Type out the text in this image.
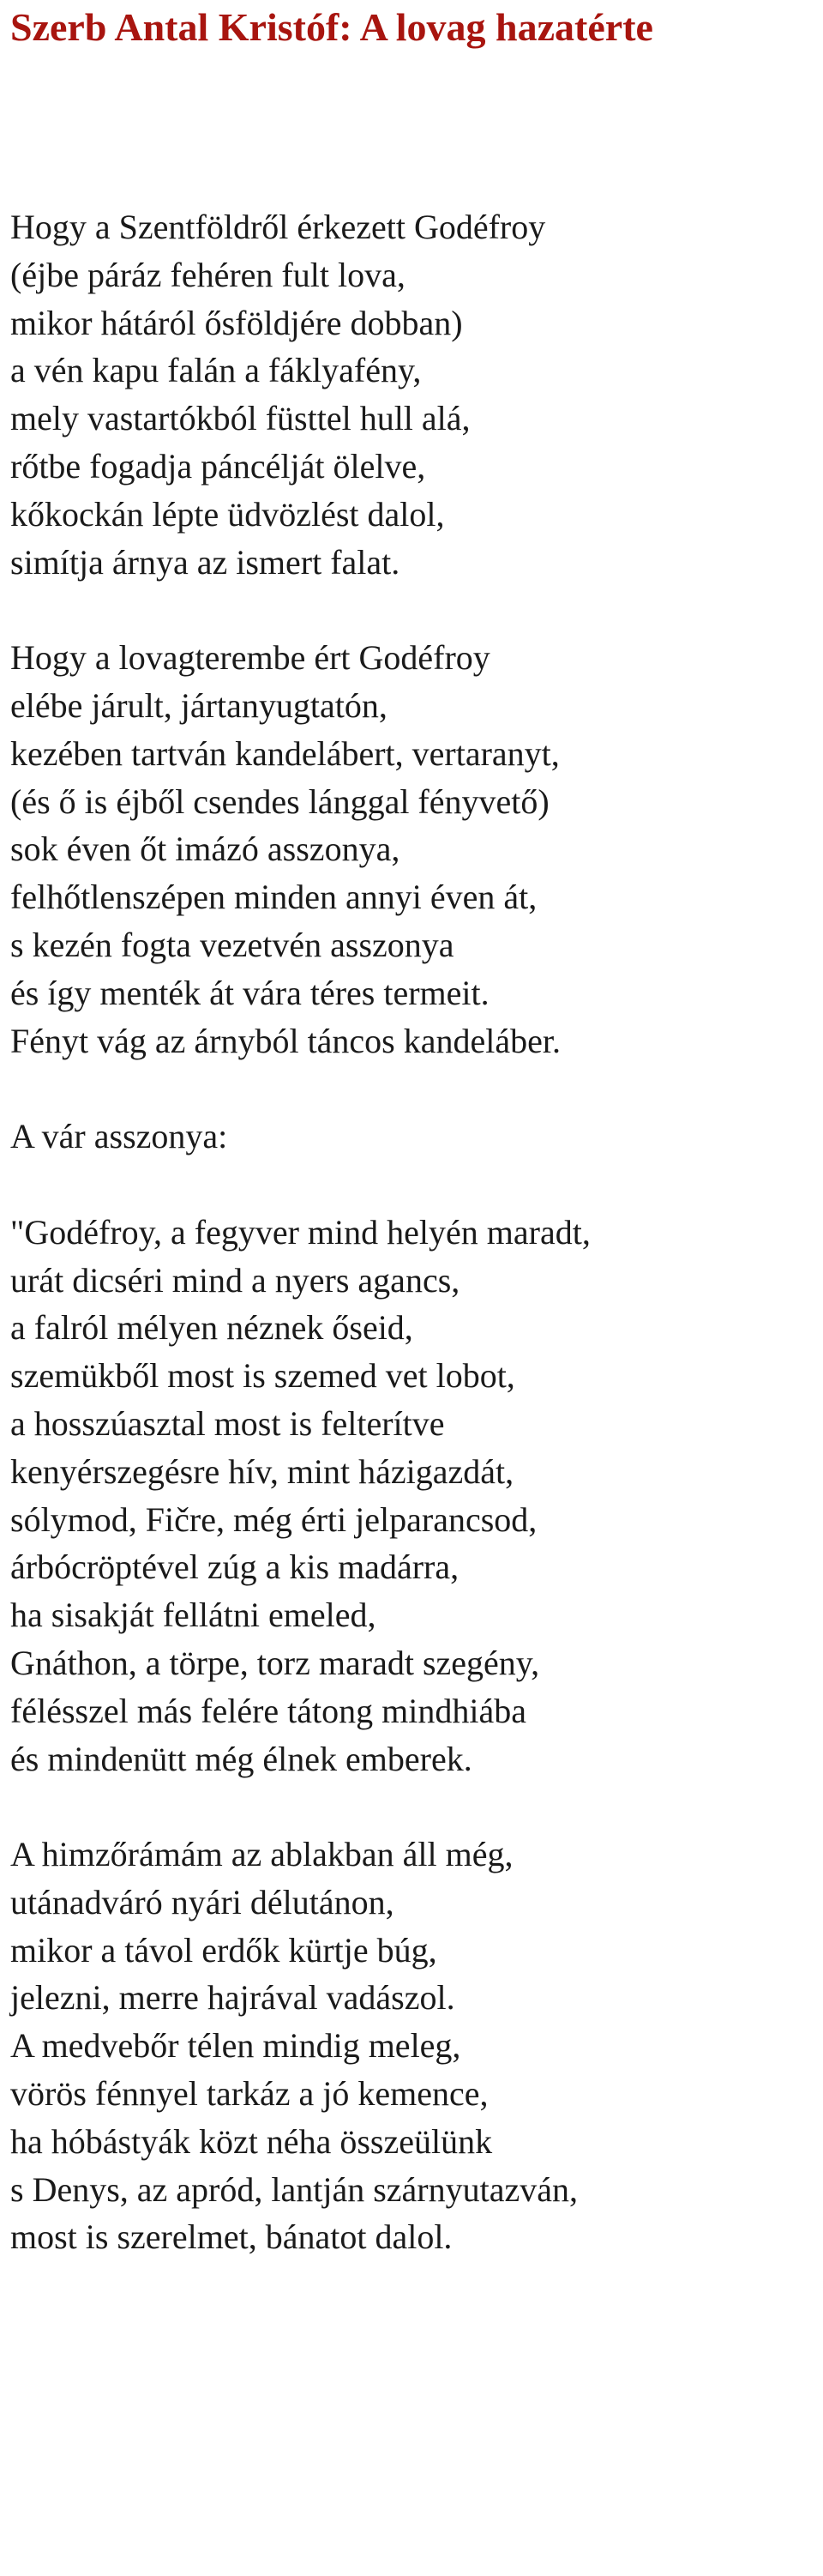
Szerb Antal Kristóf: A lovag hazatérte

Hogy a Szentföldről érkezett Godéfroy
(éjbe páráz fehéren fult lova,
mikor hátáról ősföldjére dobban)
a vén kapu falán a fáklyafény,
mely vastartókból füsttel hull alá,
rőtbe fogadja páncélját ölelve,
kőkockán lépte üdvözlést dalol,
simítja árnya az ismert falat.

Hogy a lovagterembe ért Godéfroy
elébe járult, jártanyugtatón,
kezében tartván kandelábert, vertaranyt,
(és ő is éjből csendes lánggal fényvető)
sok éven őt imázó asszonya,
felhőtlenszépen minden annyi éven át,
s kezén fogta vezetvén asszonya
és így menték át vára téres termeit.
Fényt vág az árnyból táncos kandeláber.

A vár asszonya:

"Godéfroy, a fegyver mind helyén maradt,
urát dicséri mind a nyers agancs,
a falról mélyen néznek őseid,
szemükből most is szemed vet lobot,
a hosszúasztal most is felterítve
kenyérszegésre hív, mint házigazdát,
sólymod, Fičre, még érti jelparancsod,
árbócröptével zúg a kis madárra,
ha sisakját fellátni emeled,
Gnáthon, a törpe, torz maradt szegény,
félésszel más felére tátong mindhiába
és mindenütt még élnek emberek.

A himzőrámám az ablakban áll még,
utánadváró nyári délutánon,
mikor a távol erdők kürtje búg,
jelezni, merre hajrával vadászol.
A medvebőr télen mindig meleg,
vörös fénnyel tarkáz a jó kemence,
ha hóbástyák közt néha összeülünk
s Denys, az apród, lantján szárnyutazván,
most is szerelmet, bánatot dalol.
